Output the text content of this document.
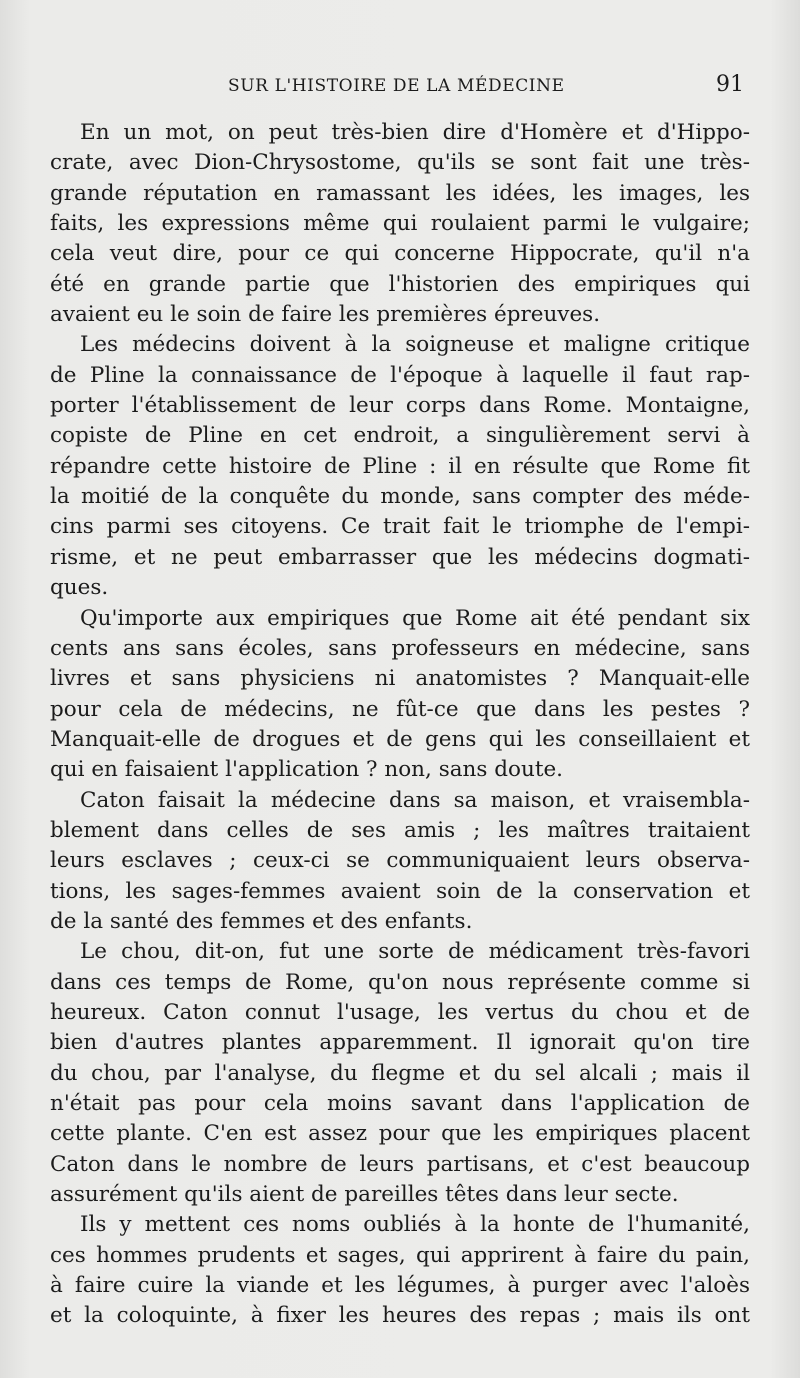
SUR L'HISTOIRE DE LA MÉDECINE	91
En un mot, on peut très-bien dire d'Homère et d'Hippo-
crate, avec Dion-Chrysostome, qu'ils se sont fait une très-
grande réputation en ramassant les idées, les images, les
faits, les expressions même qui roulaient parmi le vulgaire;
cela veut dire, pour ce qui concerne Hippocrate, qu'il n'a
été en grande partie que l'historien des empiriques qui
avaient eu le soin de faire les premières épreuves.
Les médecins doivent à la soigneuse et maligne critique
de Pline la connaissance de l'époque à laquelle il faut rap-
porter l'établissement de leur corps dans Rome. Montaigne,
copiste de Pline en cet endroit, a singulièrement servi à
répandre cette histoire de Pline : il en résulte que Rome fit
la moitié de la conquête du monde, sans compter des méde-
cins parmi ses citoyens. Ce trait fait le triomphe de l'empi-
risme, et ne peut embarrasser que les médecins dogmati-
ques.
Qu'importe aux empiriques que Rome ait été pendant six
cents ans sans écoles, sans professeurs en médecine, sans
livres et sans physiciens ni anatomistes ? Manquait-elle
pour cela de médecins, ne fût-ce que dans les pestes ?
Manquait-elle de drogues et de gens qui les conseillaient et
qui en faisaient l'application ? non, sans doute.
Caton faisait la médecine dans sa maison, et vraisembla-
blement dans celles de ses amis ; les maîtres traitaient
leurs esclaves ; ceux-ci se communiquaient leurs observa-
tions, les sages-femmes avaient soin de la conservation et
de la santé des femmes et des enfants.
Le chou, dit-on, fut une sorte de médicament très-favori
dans ces temps de Rome, qu'on nous représente comme si
heureux. Caton connut l'usage, les vertus du chou et de
bien d'autres plantes apparemment. Il ignorait qu'on tire
du chou, par l'analyse, du flegme et du sel alcali ; mais il
n'était pas pour cela moins savant dans l'application de
cette plante. C'en est assez pour que les empiriques placent
Caton dans le nombre de leurs partisans, et c'est beaucoup
assurément qu'ils aient de pareilles têtes dans leur secte.
Ils y mettent ces noms oubliés à la honte de l'humanité,
ces hommes prudents et sages, qui apprirent à faire du pain,
à faire cuire la viande et les légumes, à purger avec l'aloès
et la coloquinte, à fixer les heures des repas ; mais ils ont
